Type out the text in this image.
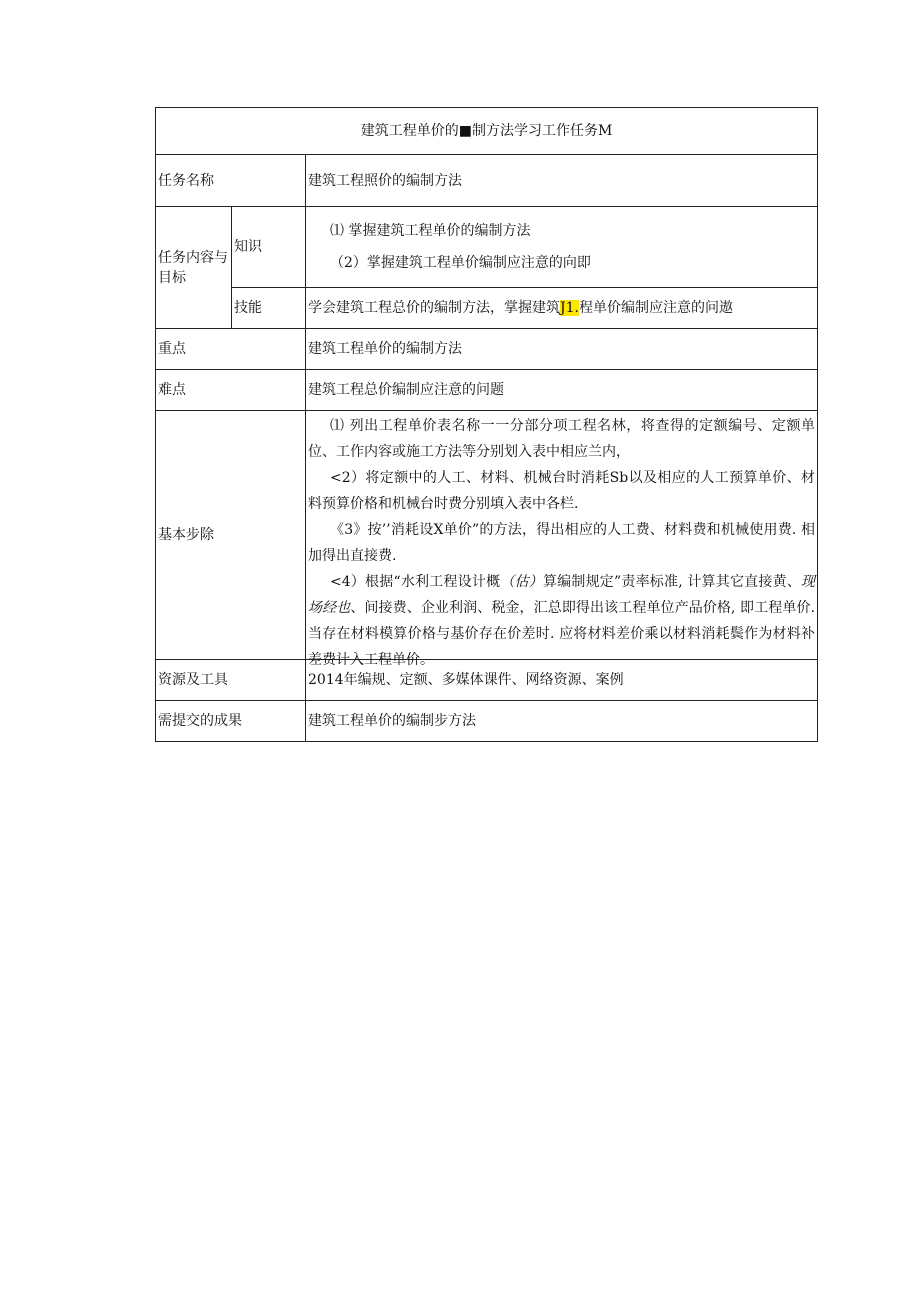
建筑工程单价的■制方法学习工作任务M		
任务名称		建筑工程照价的编制方法
任务内容与目标	知识	⑴ 掌握建筑工程单价的编制方法
（2）掌握建筑工程单价编制应注意的向即

	技能	学会建筑工程总价的编制方法，掌握建筑J1.程单价编制应注意的问遨
重点		建筑工程单价的编制方法
难点		建筑工程总价编制应注意的问题
基本步除		⑴ 列出工程单价表名称一一分部分项工程名林，将查得的定额编号、定额单位、工作内容或施工方法等分别划入表中相应兰内，

<2）将定额中的人工、材料、机械台时消耗Sb以及相应的人工预算单价、材料预算价格和机械台时费分别填入表中各栏.

《3》按’’消耗设X单价”的方法，得出相应的人工费、材料费和机械使用费. 相加得出直接费.

<4）根据“水利工程设计概（估）算编制规定”责率标准, 计算其它直接黄、现场经也、间接费、企业利润、税金，汇总即得出该工程单位产品价格, 即工程单价. 当存在材料模算价格与基价存在价差时. 应将材料差价乘以材料消耗鬓作为材料补差费计入工程单价。

资源及工具		2014年编规、定额、多媒体课件、网络资源、案例
需提交的成果		建筑工程单价的编制步方法
